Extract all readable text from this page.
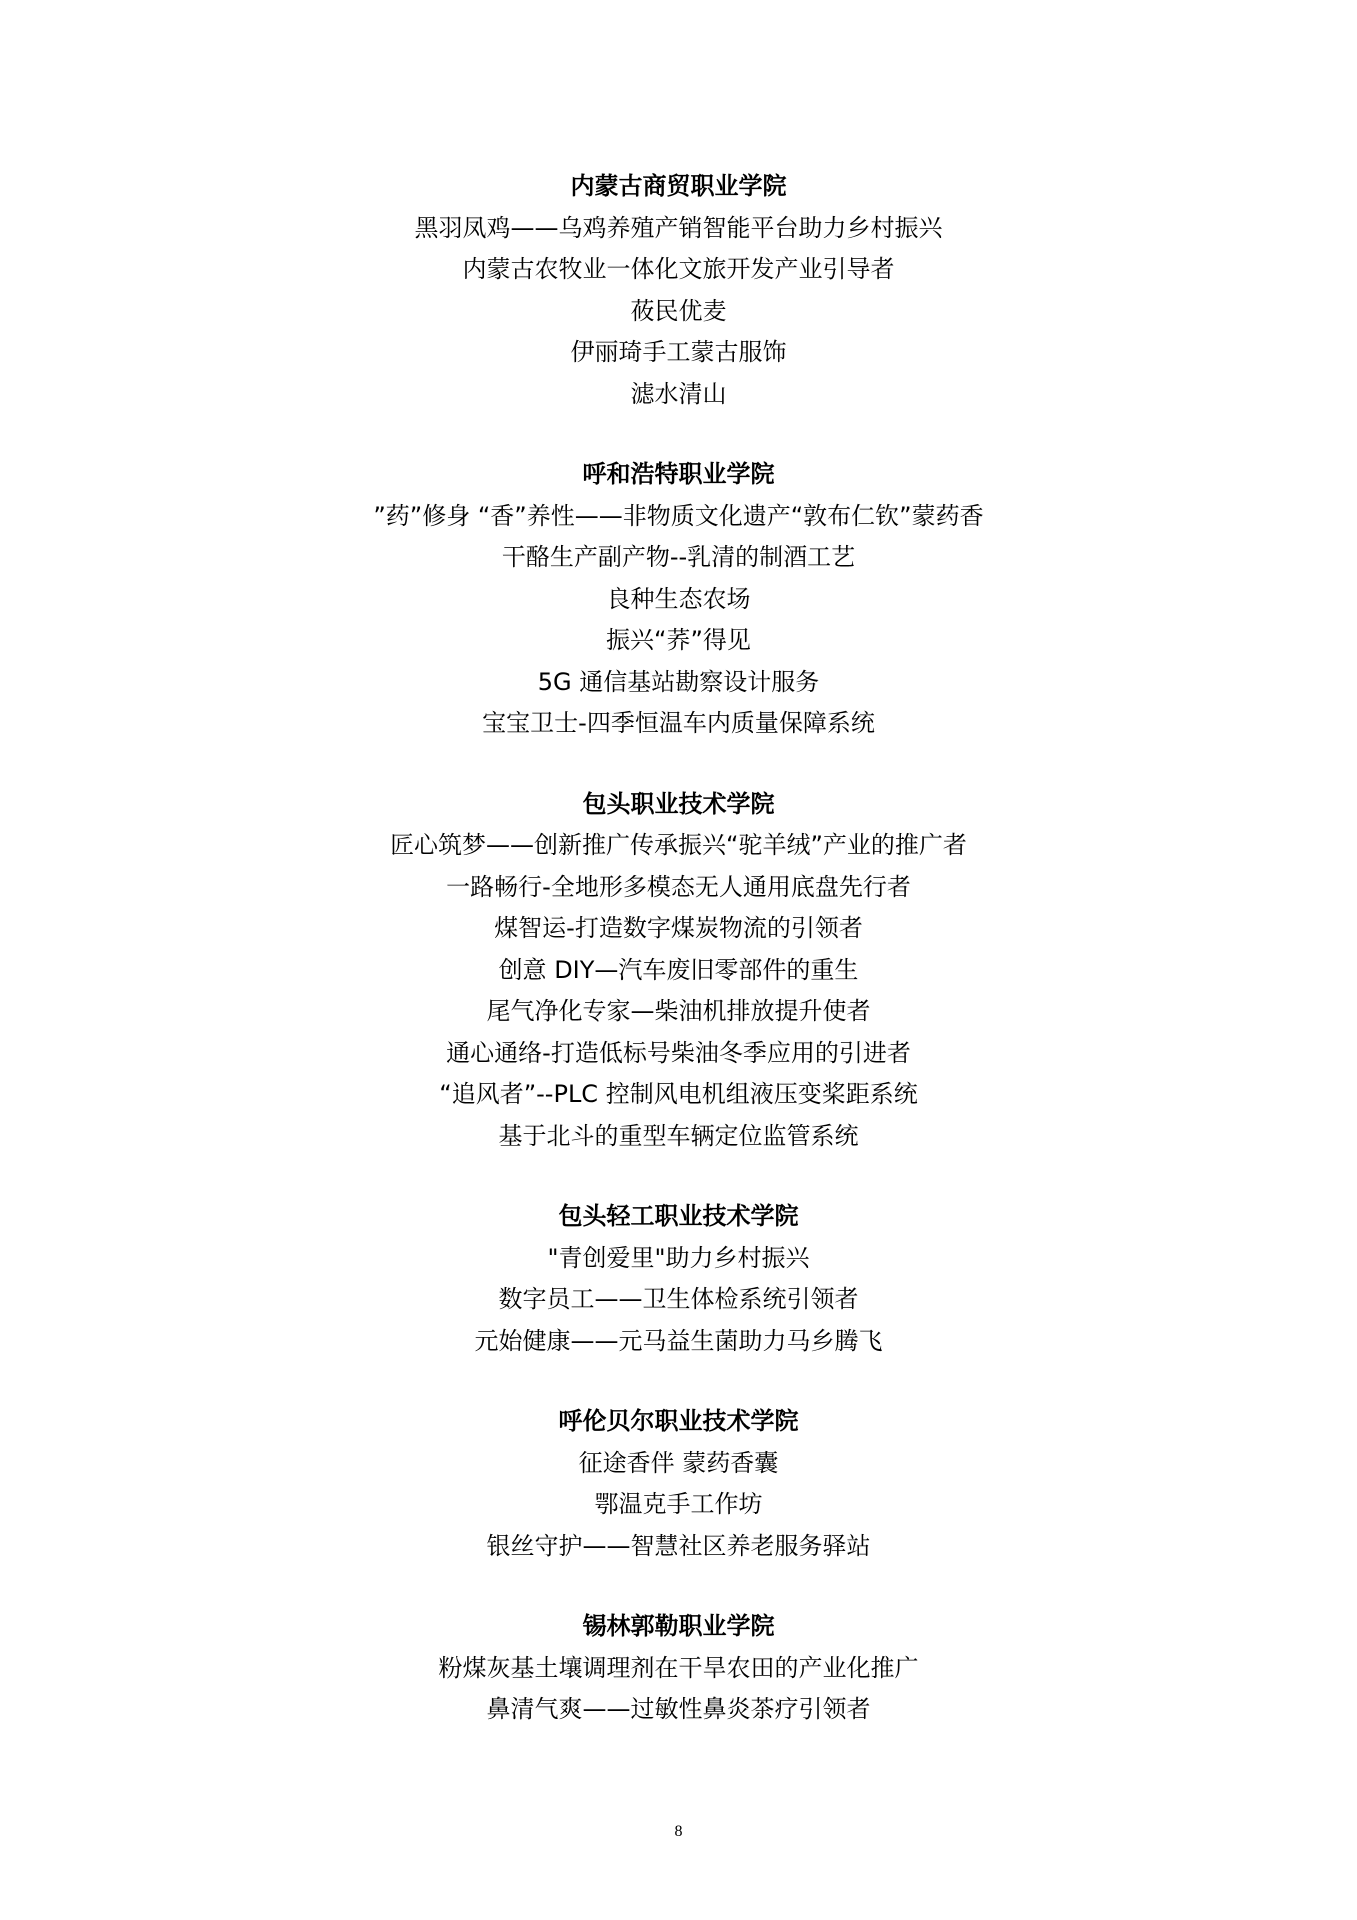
内蒙古商贸职业学院
黑羽凤鸡——乌鸡养殖产销智能平台助力乡村振兴
内蒙古农牧业一体化文旅开发产业引导者
莜民优麦
伊丽琦手工蒙古服饰
滤水清山
呼和浩特职业学院
”药”修身 “香”养性——非物质文化遗产“敦布仁钦”蒙药香
干酪生产副产物--乳清的制酒工艺
良种生态农场
振兴“荞”得见
5G 通信基站勘察设计服务
宝宝卫士-四季恒温车内质量保障系统
包头职业技术学院
匠心筑梦——创新推广传承振兴“驼羊绒”产业的推广者
一路畅行-全地形多模态无人通用底盘先行者
煤智运-打造数字煤炭物流的引领者
创意 DIY—汽车废旧零部件的重生
尾气净化专家—柴油机排放提升使者
通心通络-打造低标号柴油冬季应用的引进者
“追风者”--PLC 控制风电机组液压变桨距系统
基于北斗的重型车辆定位监管系统
包头轻工职业技术学院
"青创爱里"助力乡村振兴
数字员工——卫生体检系统引领者
元始健康——元马益生菌助力马乡腾飞
呼伦贝尔职业技术学院
征途香伴 蒙药香囊
鄂温克手工作坊
银丝守护——智慧社区养老服务驿站
锡林郭勒职业学院
粉煤灰基土壤调理剂在干旱农田的产业化推广
鼻清气爽——过敏性鼻炎茶疗引领者
8
